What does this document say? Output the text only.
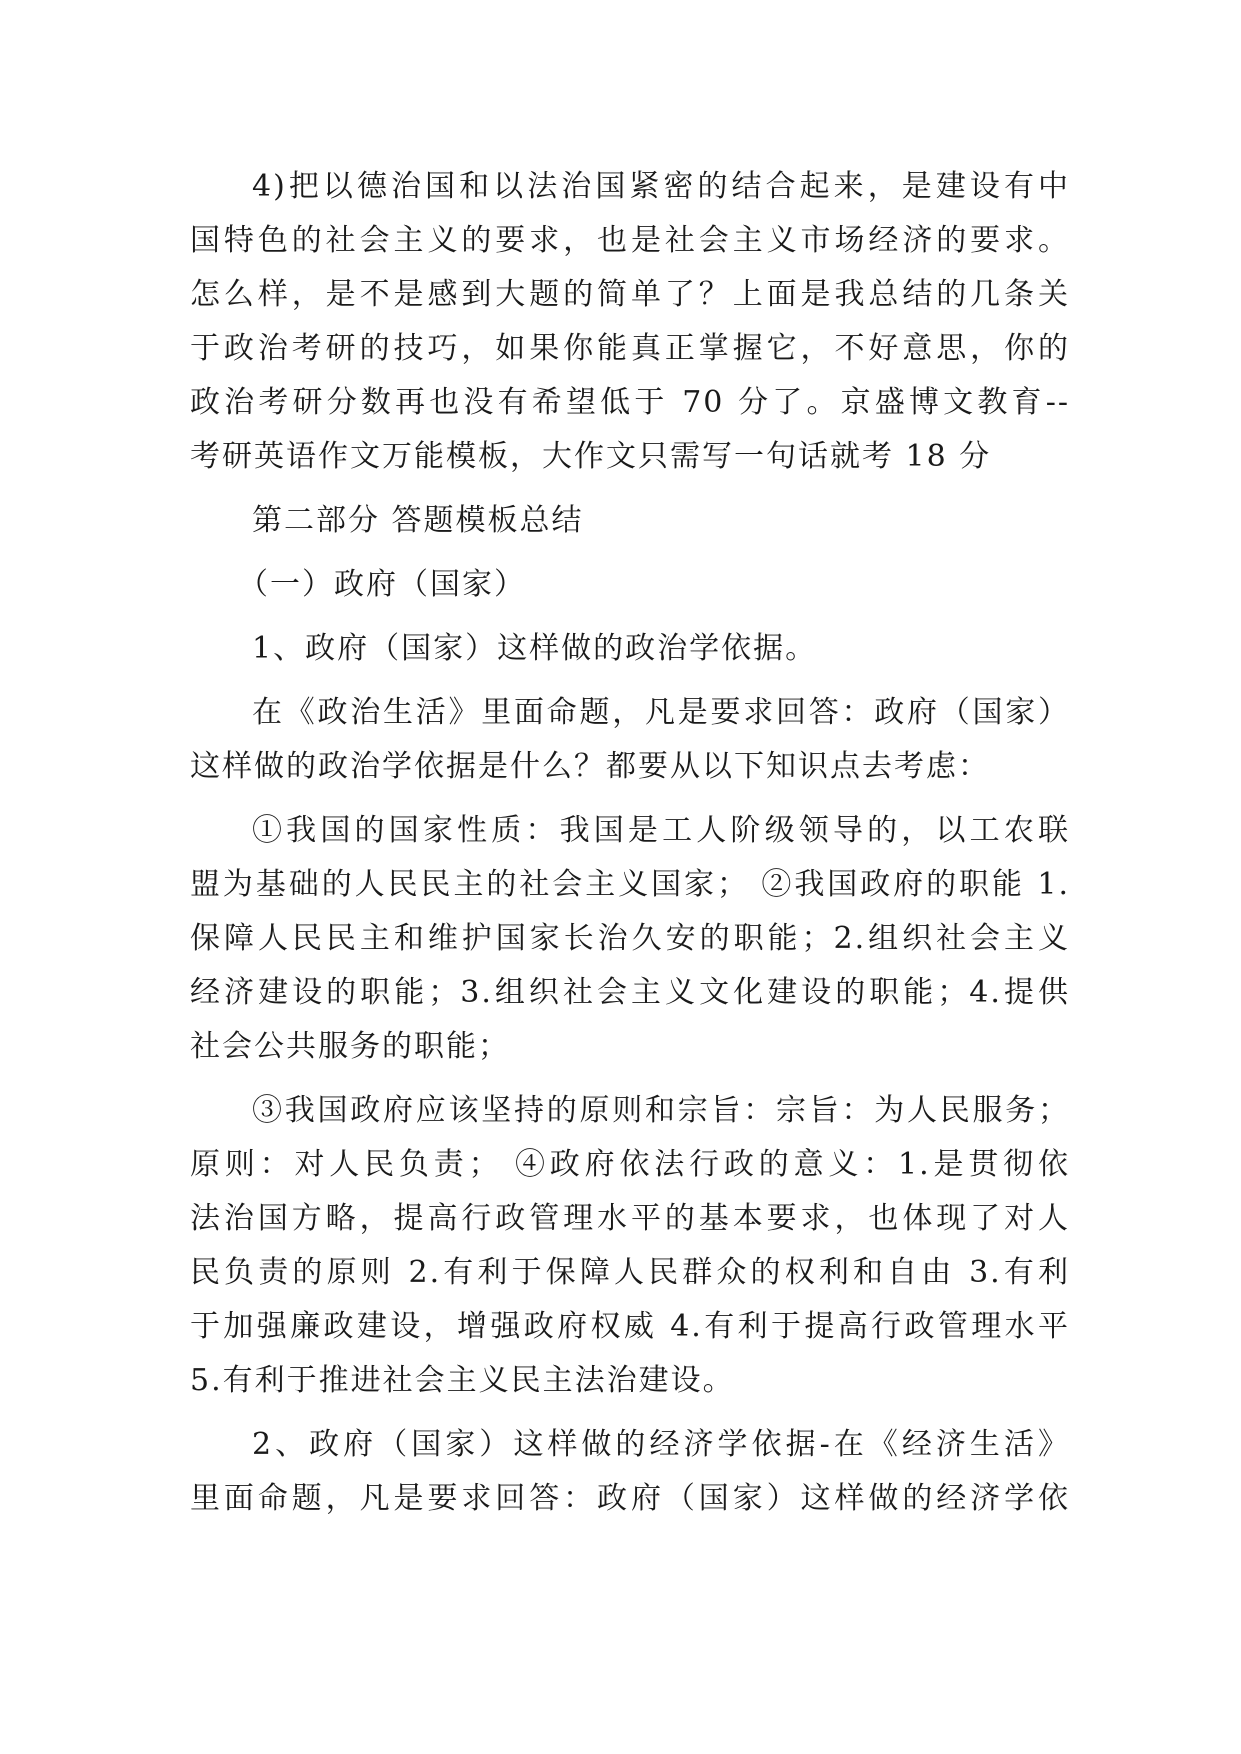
4)把以德治国和以法治国紧密的结合起来，是建设有中
国特色的社会主义的要求，也是社会主义市场经济的要求。
怎么样，是不是感到大题的简单了？上面是我总结的几条关
于政治考研的技巧，如果你能真正掌握它，不好意思，你的
政治考研分数再也没有希望低于 70 分了。京盛博文教育--
考研英语作文万能模板，大作文只需写一句话就考 18 分
第二部分 答题模板总结
（一）政府（国家）
1、政府（国家）这样做的政治学依据。
在《政治生活》里面命题，凡是要求回答：政府（国家）
这样做的政治学依据是什么？都要从以下知识点去考虑：
①我国的国家性质：我国是工人阶级领导的，以工农联
盟为基础的人民民主的社会主义国家； ②我国政府的职能 1.
保障人民民主和维护国家长治久安的职能；2.组织社会主义
经济建设的职能；3.组织社会主义文化建设的职能；4.提供
社会公共服务的职能；
③我国政府应该坚持的原则和宗旨：宗旨：为人民服务；
原则：对人民负责； ④政府依法行政的意义：1.是贯彻依
法治国方略，提高行政管理水平的基本要求，也体现了对人
民负责的原则 2.有利于保障人民群众的权利和自由 3.有利
于加强廉政建设，增强政府权威 4.有利于提高行政管理水平
5.有利于推进社会主义民主法治建设。
2、政府（国家）这样做的经济学依据-在《经济生活》
里面命题，凡是要求回答：政府（国家）这样做的经济学依
